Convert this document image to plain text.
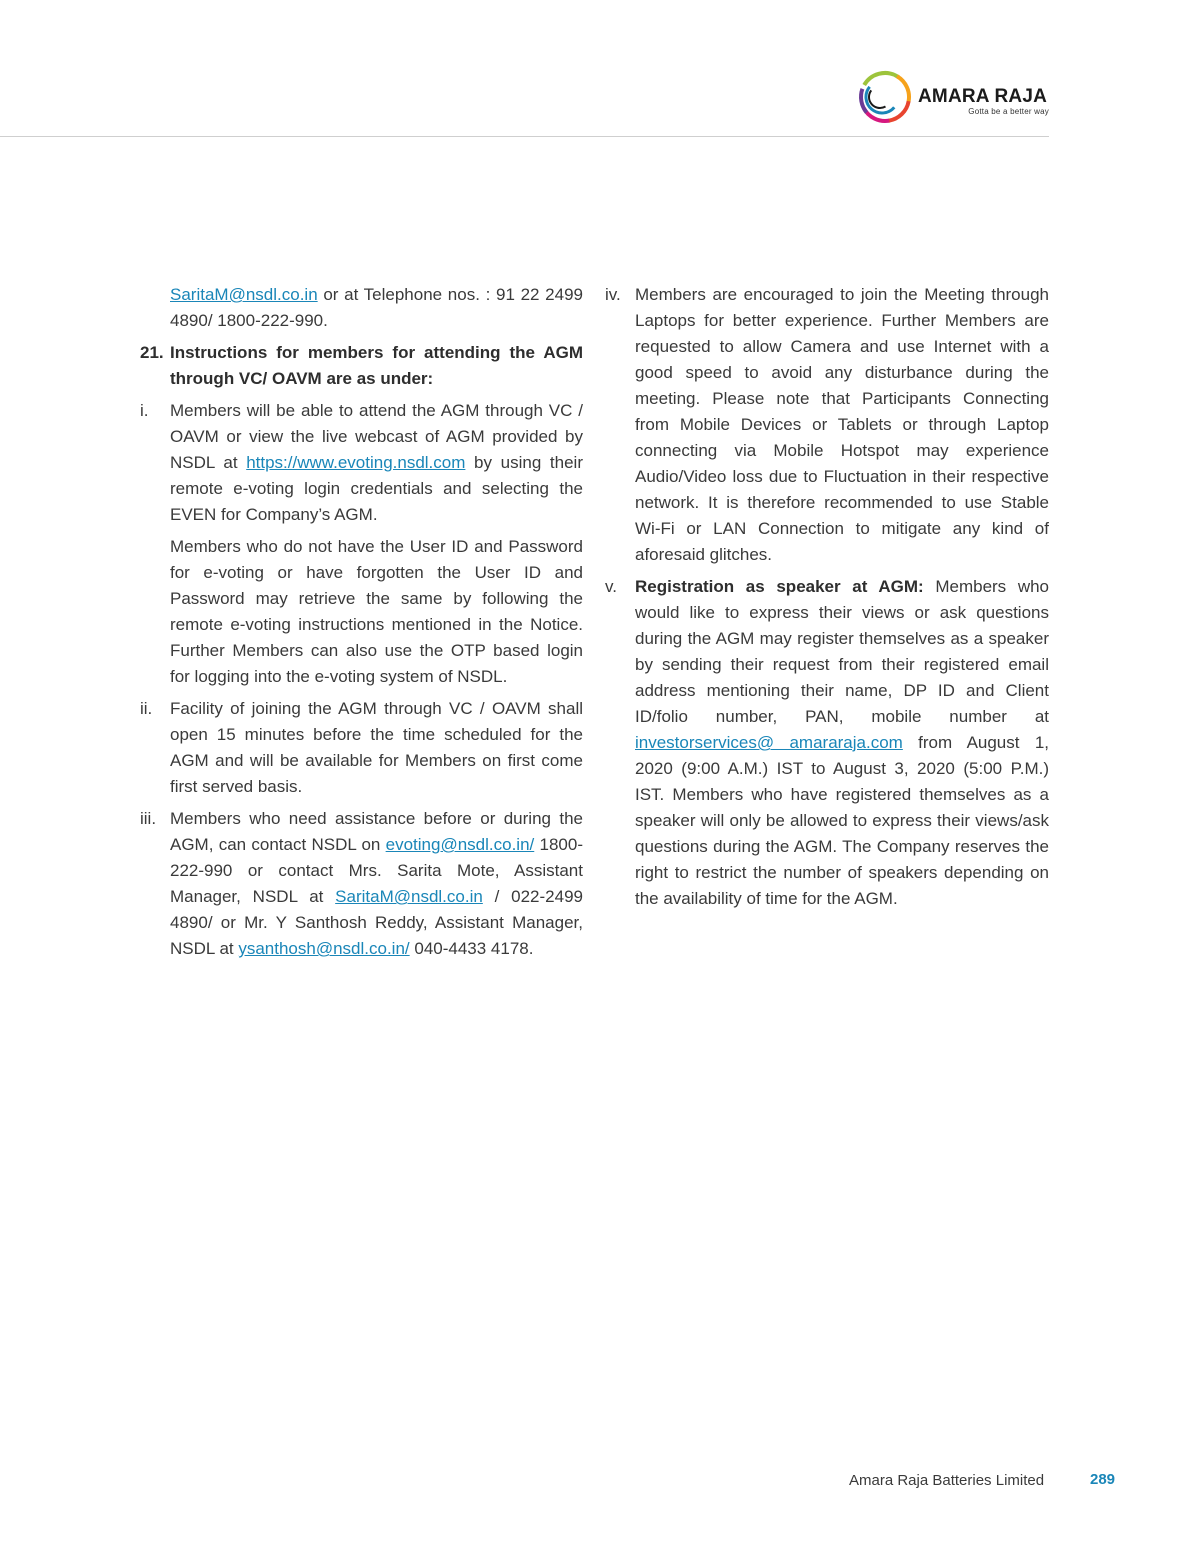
AMARA RAJA
Gotta be a better way
SaritaM@nsdl.co.in or at Telephone nos. : 91 22 2499 4890/ 1800-222-990.
21. Instructions for members for attending the AGM through VC/ OAVM are as under:
i.	Members will be able to attend the AGM through VC / OAVM or view the live webcast of AGM provided by NSDL at https://www.evoting.nsdl.com by using their remote e-voting login credentials and selecting the EVEN for Company’s AGM.
Members who do not have the User ID and Password for e-voting or have forgotten the User ID and Password may retrieve the same by following the remote e-voting instructions mentioned in the Notice. Further Members can also use the OTP based login for logging into the e-voting system of NSDL.
ii.	Facility of joining the AGM through VC / OAVM shall open 15 minutes before the time scheduled for the AGM and will be available for Members on first come first served basis.
iii. Members who need assistance before or during the AGM, can contact NSDL on evoting@nsdl.co.in/ 1800-222-990 or contact Mrs. Sarita Mote, Assistant Manager, NSDL at SaritaM@nsdl.co.in / 022-2499 4890/ or Mr. Y Santhosh Reddy, Assistant Manager, NSDL at ysanthosh@nsdl.co.in/ 040-4433 4178.
iv. Members are encouraged to join the Meeting through Laptops for better experience. Further Members are requested to allow Camera and use Internet with a good speed to avoid any disturbance during the meeting. Please note that Participants Connecting from Mobile Devices or Tablets or through Laptop connecting via Mobile Hotspot may experience Audio/Video loss due to Fluctuation in their respective network. It is therefore recommended to use Stable Wi-Fi or LAN Connection to mitigate any kind of aforesaid glitches.
v.	Registration as speaker at AGM: Members who would like to express their views or ask questions during the AGM may register themselves as a speaker by sending their request from their registered email address mentioning their name, DP ID and Client ID/folio number, PAN, mobile number at investorservices@ amararaja.com from August 1, 2020 (9:00 A.M.) IST to August 3, 2020 (5:00 P.M.) IST. Members who have registered themselves as a speaker will only be allowed to express their views/ask questions during the AGM. The Company reserves the right to restrict the number of speakers depending on the availability of time for the AGM.
Amara Raja Batteries Limited	289
